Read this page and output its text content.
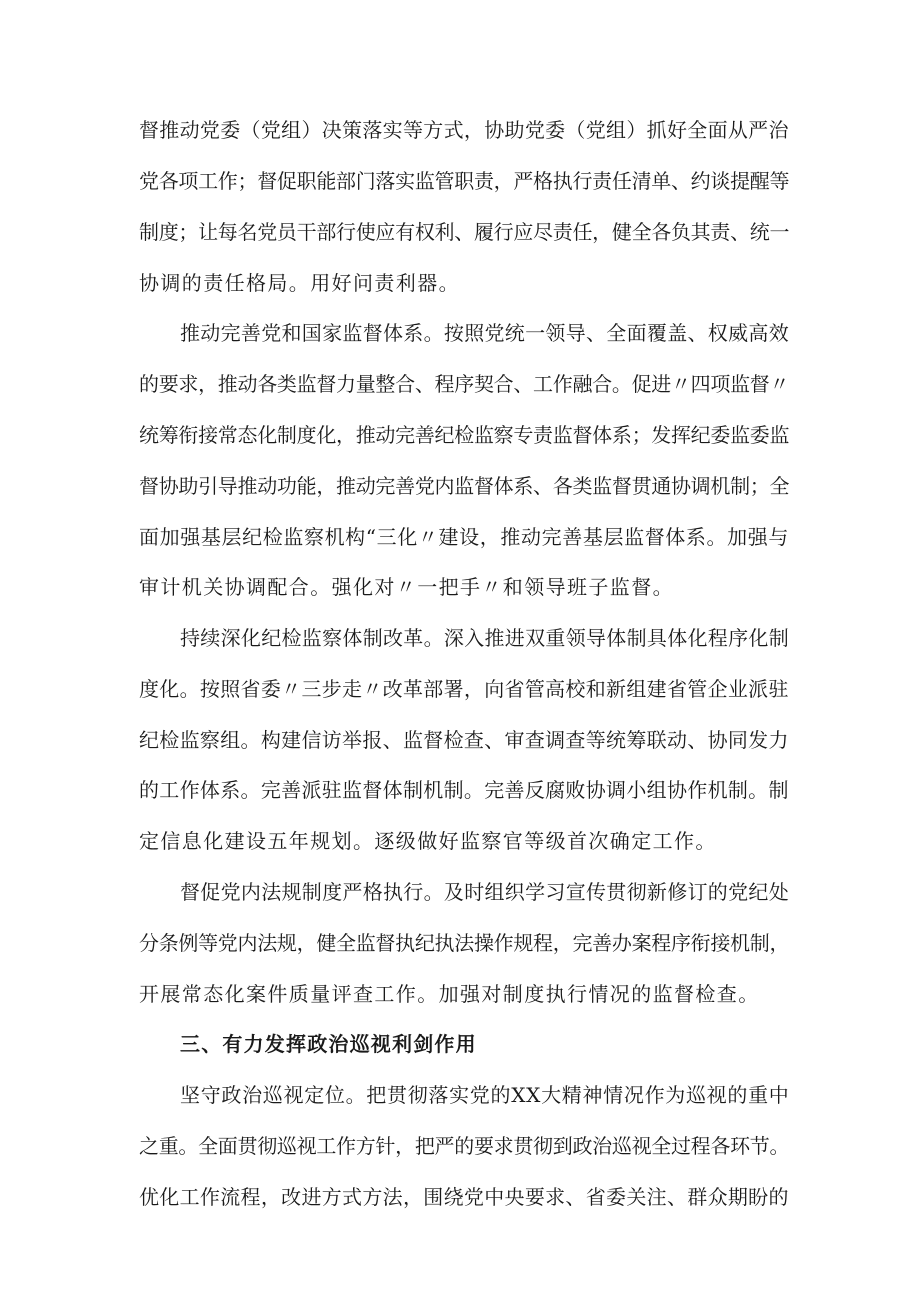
督推动党委（党组）决策落实等方式，协助党委（党组）抓好全面从严治
党各项工作；督促职能部门落实监管职责，严格执行责任清单、约谈提醒等
制度；让每名党员干部行使应有权利、履行应尽责任，健全各负其责、统一
协调的责任格局。用好问责利器。
推动完善党和国家监督体系。按照党统一领导、全面覆盖、权威高效
的要求，推动各类监督力量整合、程序契合、工作融合。促进〃四项监督〃
统筹衔接常态化制度化，推动完善纪检监察专责监督体系；发挥纪委监委监
督协助引导推动功能，推动完善党内监督体系、各类监督贯通协调机制；全
面加强基层纪检监察机构“三化〃建设，推动完善基层监督体系。加强与
审计机关协调配合。强化对〃一把手〃和领导班子监督。
持续深化纪检监察体制改革。深入推进双重领导体制具体化程序化制
度化。按照省委〃三步走〃改革部署，向省管高校和新组建省管企业派驻
纪检监察组。构建信访举报、监督检查、审查调查等统筹联动、协同发力
的工作体系。完善派驻监督体制机制。完善反腐败协调小组协作机制。制
定信息化建设五年规划。逐级做好监察官等级首次确定工作。
督促党内法规制度严格执行。及时组织学习宣传贯彻新修订的党纪处
分条例等党内法规，健全监督执纪执法操作规程，完善办案程序衔接机制，
开展常态化案件质量评查工作。加强对制度执行情况的监督检查。
三、有力发挥政治巡视利剑作用
坚守政治巡视定位。把贯彻落实党的XX大精神情况作为巡视的重中
之重。全面贯彻巡视工作方针，把严的要求贯彻到政治巡视全过程各环节。
优化工作流程，改进方式方法，围绕党中央要求、省委关注、群众期盼的
